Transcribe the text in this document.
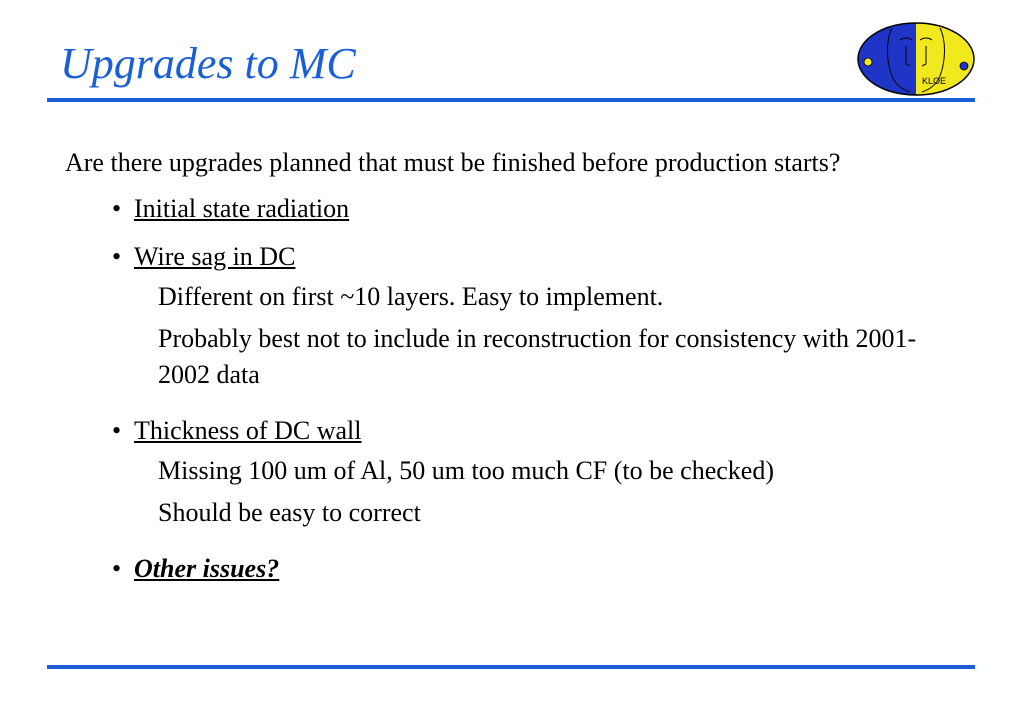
Upgrades to MC	KLOE
Are there upgrades planned that must be finished before production starts?
• Initial state radiation
• Wire sag in DC
Different on first ~10 layers. Easy to implement.
Probably best not to include in reconstruction for consistency with 2001-2002 data
• Thickness of DC wall
Missing 100 um of Al, 50 um too much CF (to be checked)
Should be easy to correct
• Other issues?
